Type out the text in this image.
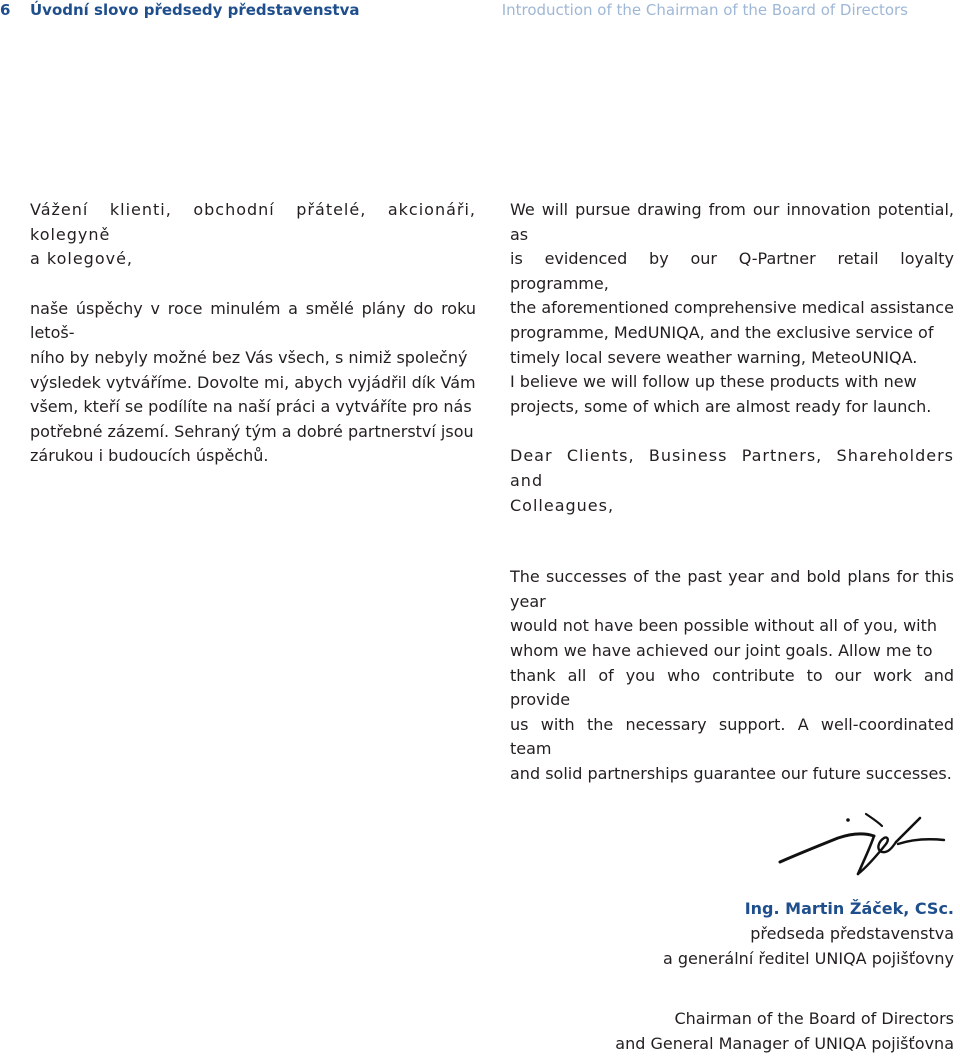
6 Úvodní slovo předsedy představenstva	Introduction of the Chairman of the Board of Directors

Vážení klienti, obchodní přátelé, akcionáři, kolegyně
a kolegové,

naše úspěchy v roce minulém a smělé plány do roku letoš-
ního by nebyly možné bez Vás všech, s nimiž společný
výsledek vytváříme. Dovolte mi, abych vyjádřil dík Vám
všem, kteří se podílíte na naší práci a vytváříte pro nás
potřebné zázemí. Sehraný tým a dobré partnerství jsou
zárukou i budoucích úspěchů.

We will pursue drawing from our innovation potential, as
is evidenced by our Q-Partner retail loyalty programme,
the aforementioned comprehensive medical assistance
programme, MedUNIQA, and the exclusive service of
timely local severe weather warning, MeteoUNIQA.
I believe we will follow up these products with new
projects, some of which are almost ready for launch.

Dear Clients, Business Partners, Shareholders and
Colleagues,

The successes of the past year and bold plans for this year
would not have been possible without all of you, with
whom we have achieved our joint goals. Allow me to
thank all of you who contribute to our work and provide
us with the necessary support. A well-coordinated team
and solid partnerships guarantee our future successes.

Ing. Martin Žáček, CSc.
předseda představenstva
a generální ředitel UNIQA pojišťovny
Chairman of the Board of Directors
and General Manager of UNIQA pojišťovna
